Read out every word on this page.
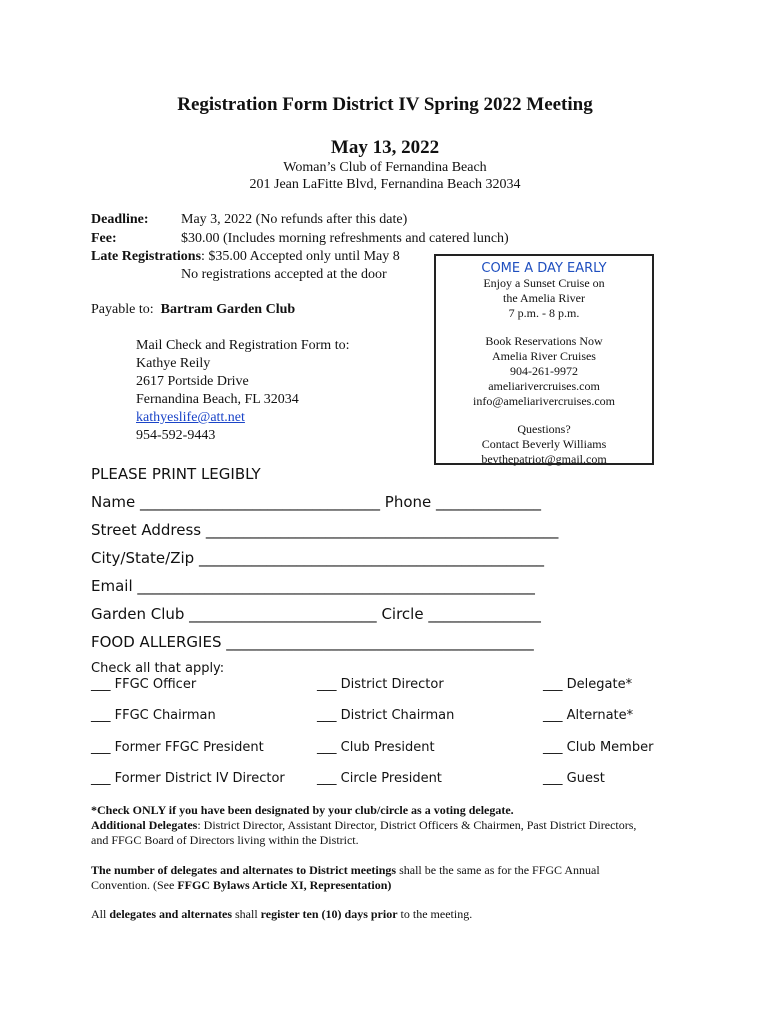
Registration Form District IV Spring 2022 Meeting
May 13, 2022
Woman’s Club of Fernandina Beach
201 Jean LaFitte Blvd, Fernandina Beach 32034
Deadline: May 3, 2022 (No refunds after this date)
Fee:	$30.00 (Includes morning refreshments and catered lunch)
Late Registrations: $35.00 Accepted only until May 8
No registrations accepted at the door
Payable to: Bartram Garden Club
Mail Check and Registration Form to:
Kathye Reily
2617 Portside Drive
Fernandina Beach, FL 32034
kathyeslife@att.net
954-592-9443
COME A DAY EARLY
Enjoy a Sunset Cruise on
the Amelia River
7 p.m. - 8 p.m.
Book Reservations Now
Amelia River Cruises
904-261-9972
ameliarivercruises.com
info@ameliarivercruises.com
Questions?
Contact Beverly Williams
bevthepatriot@gmail.com
PLEASE PRINT LEGIBLY
Name ________________________________ Phone ______________
Street Address _______________________________________________
City/State/Zip ______________________________________________
Email _____________________________________________________
Garden Club _________________________ Circle _______________
FOOD ALLERGIES _________________________________________
Check all that apply:
___ FFGC Officer
___ FFGC Chairman
___ Former FFGC President
___ Former District IV Director
___ District Director
___ District Chairman
___ Club President
___ Circle President
___ Delegate*
___ Alternate*
___ Club Member
___ Guest
*Check ONLY if you have been designated by your club/circle as a voting delegate.
Additional Delegates: District Director, Assistant Director, District Officers & Chairmen, Past District Directors,
and FFGC Board of Directors living within the District.
The number of delegates and alternates to District meetings shall be the same as for the FFGC Annual
Convention. (See FFGC Bylaws Article XI, Representation)
All delegates and alternates shall register ten (10) days prior to the meeting.
